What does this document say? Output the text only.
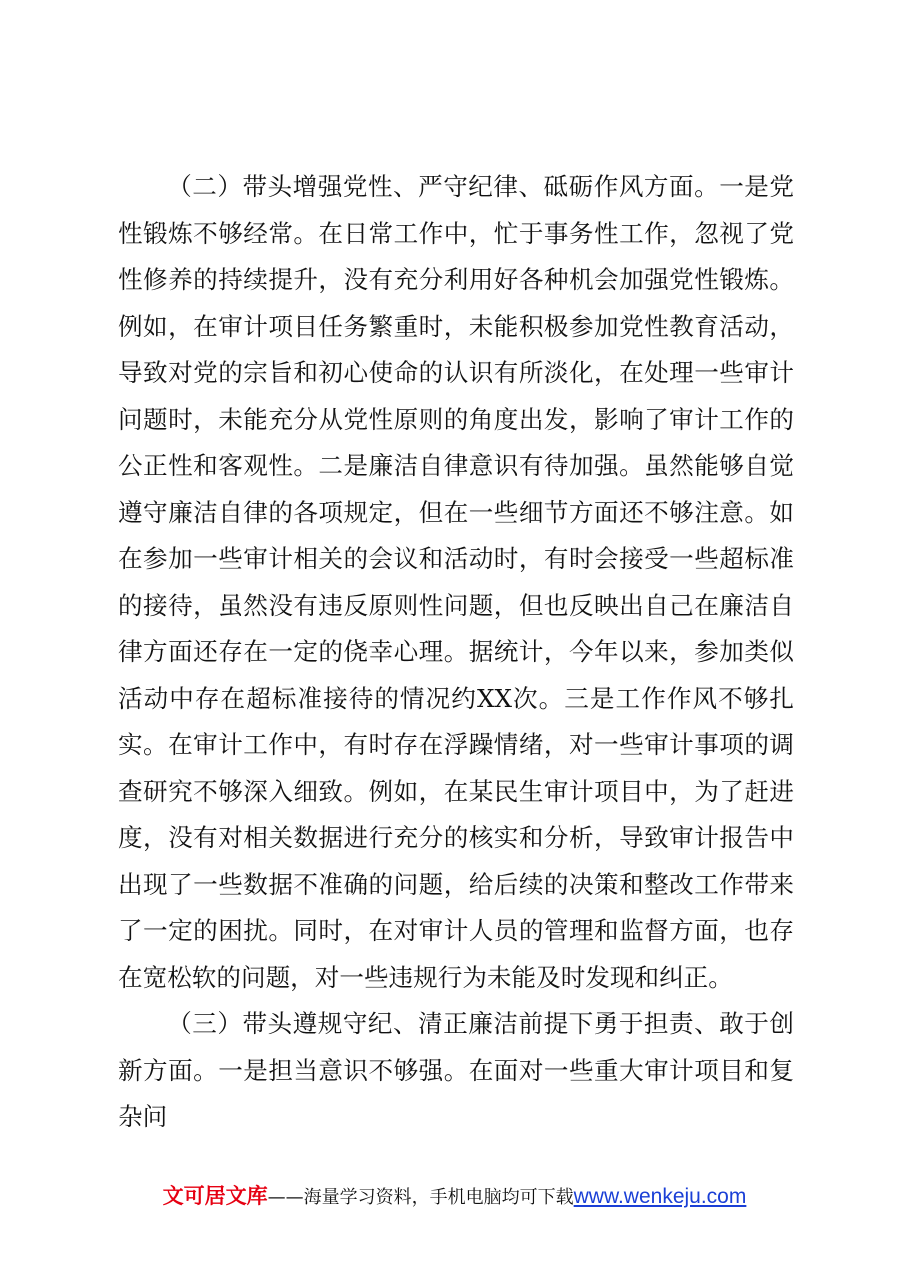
（二）带头增强党性、严守纪律、砥砺作风方面。一是党性锻炼不够经常。在日常工作中，忙于事务性工作，忽视了党性修养的持续提升，没有充分利用好各种机会加强党性锻炼。例如，在审计项目任务繁重时，未能积极参加党性教育活动，导致对党的宗旨和初心使命的认识有所淡化，在处理一些审计问题时，未能充分从党性原则的角度出发，影响了审计工作的公正性和客观性。二是廉洁自律意识有待加强。虽然能够自觉遵守廉洁自律的各项规定，但在一些细节方面还不够注意。如在参加一些审计相关的会议和活动时，有时会接受一些超标准的接待，虽然没有违反原则性问题，但也反映出自己在廉洁自律方面还存在一定的侥幸心理。据统计，今年以来，参加类似活动中存在超标准接待的情况约XX次。三是工作作风不够扎实。在审计工作中，有时存在浮躁情绪，对一些审计事项的调查研究不够深入细致。例如，在某民生审计项目中，为了赶进度，没有对相关数据进行充分的核实和分析，导致审计报告中出现了一些数据不准确的问题，给后续的决策和整改工作带来了一定的困扰。同时，在对审计人员的管理和监督方面，也存在宽松软的问题，对一些违规行为未能及时发现和纠正。

（三）带头遵规守纪、清正廉洁前提下勇于担责、敢于创新方面。一是担当意识不够强。在面对一些重大审计项目和复杂问

文可居文库——海量学习资料，手机电脑均可下载www.wenkeju.com
